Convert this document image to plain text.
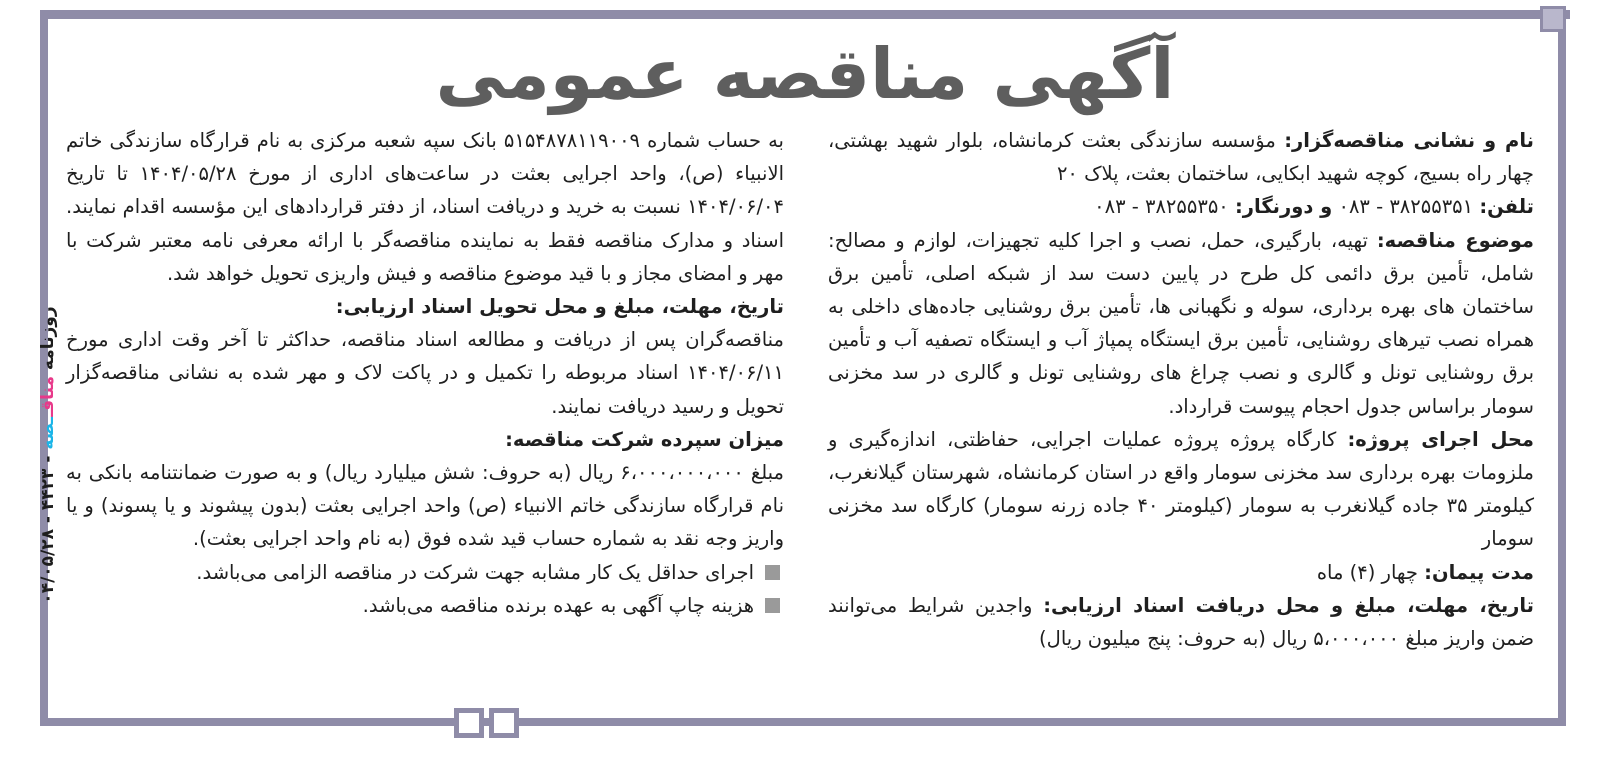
آگهی مناقصه عمومی

نام و نشانی مناقصه‌گزار: مؤسسه سازندگی بعثت کرمانشاه، بلوار شهید بهشتی، چهار راه بسیج، کوچه شهید ابکایی، ساختمان بعثت، پلاک ۲۰

تلفن: ۳۸۲۵۵۳۵۱ - ۰۸۳ و دورنگار: ۳۸۲۵۵۳۵۰ - ۰۸۳

موضوع مناقصه: تهیه، بارگیری، حمل، نصب و اجرا کلیه تجهیزات، لوازم و مصالح: شامل، تأمین برق دائمی کل طرح در پایین دست سد از شبکه اصلی، تأمین برق ساختمان های بهره برداری، سوله و نگهبانی ها، تأمین برق روشنایی جاده‌های داخلی به همراه نصب تیرهای روشنایی، تأمین برق ایستگاه پمپاژ آب و ایستگاه تصفیه آب و تأمین برق روشنایی تونل و گالری و نصب چراغ های روشنایی تونل و گالری در سد مخزنی سومار براساس جدول احجام پیوست قرارداد.

محل اجرای پروژه: کارگاه پروژه پروژه عملیات اجرایی، حفاظتی، اندازه‌گیری و ملزومات بهره برداری سد مخزنی سومار واقع در استان کرمانشاه، شهرستان گیلانغرب، کیلومتر ۳۵ جاده گیلانغرب به سومار (کیلومتر ۴۰ جاده زرنه سومار) کارگاه سد مخزنی سومار

مدت پیمان: چهار (۴) ماه

تاریخ، مهلت، مبلغ و محل دریافت اسناد ارزیابی: واجدین شرایط می‌توانند ضمن واریز مبلغ ۵،۰۰۰،۰۰۰ ریال (به حروف: پنج میلیون ریال)

به حساب شماره ۵۱۵۴۸۷۸۱۱۹۰۰۹ بانک سپه شعبه مرکزی به نام قرارگاه سازندگی خاتم الانبیاء (ص)، واحد اجرایی بعثت در ساعت‌های اداری از مورخ ۱۴۰۴/۰۵/۲۸ تا تاریخ ۱۴۰۴/۰۶/۰۴ نسبت به خرید و دریافت اسناد، از دفتر قراردادهای این مؤسسه اقدام نمایند. اسناد و مدارک مناقصه فقط به نماینده مناقصه‌گر با ارائه معرفی نامه معتبر شرکت با مهر و امضای مجاز و با قید موضوع مناقصه و فیش واریزی تحویل خواهد شد.

تاریخ، مهلت، مبلغ و محل تحویل اسناد ارزیابی:

مناقصه‌گران پس از دریافت و مطالعه اسناد مناقصه، حداکثر تا آخر وقت اداری مورخ ۱۴۰۴/۰۶/۱۱ اسناد مربوطه را تکمیل و در پاکت لاک و مهر شده به نشانی مناقصه‌گزار تحویل و رسید دریافت نمایند.

میزان سپرده شرکت مناقصه:

مبلغ ۶،۰۰۰،۰۰۰،۰۰۰ ریال (به حروف: شش میلیارد ریال) و به صورت ضمانتنامه بانکی به نام قرارگاه سازندگی خاتم الانبیاء (ص) واحد اجرایی بعثت (بدون پیشوند و یا پسوند) و یا واریز وجه نقد به شماره حساب قید شده فوق (به نام واحد اجرایی بعثت).

اجرای حداقل یک کار مشابه جهت شرکت در مناقصه الزامی می‌باشد.

هزینه چاپ آگهی به عهده برنده مناقصه می‌باشد.

روزنامه مناقــصه - ۴۴۲۳ - ۰۴/۰۵/۲۸
